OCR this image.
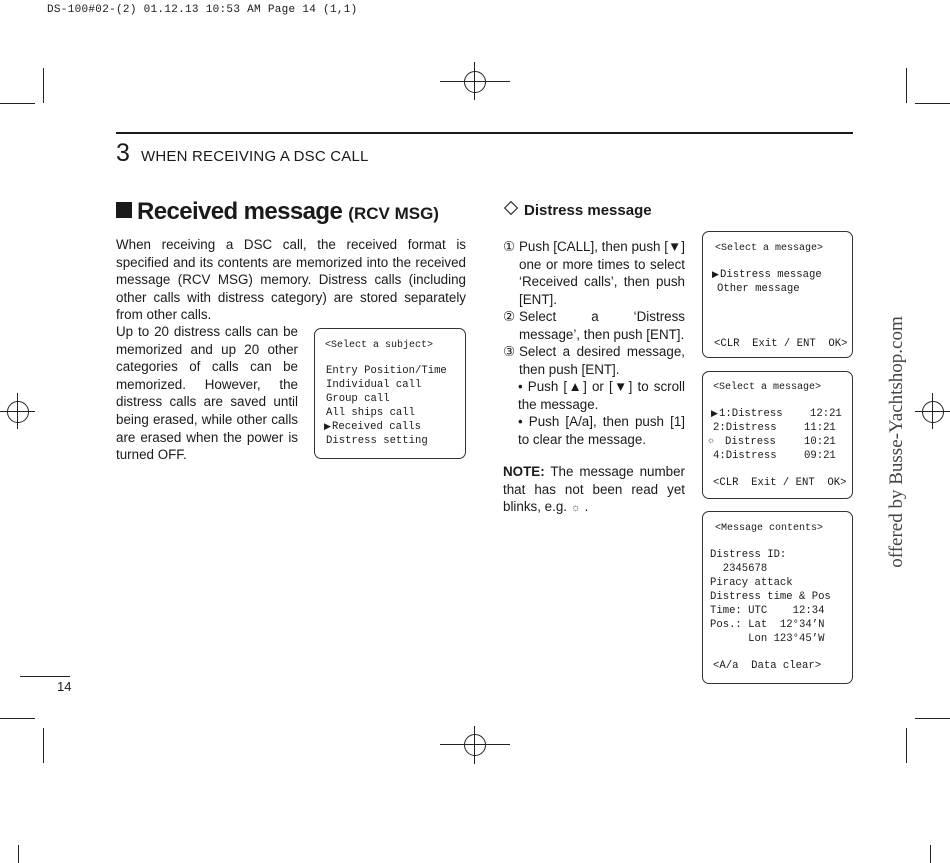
DS-100#02-(2) 01.12.13 10:53 AM Page 14 (1,1)
3 WHEN RECEIVING A DSC CALL
Received message (RCV MSG)
When receiving a DSC call, the received format is specified and its contents are memorized into the received message (RCV MSG) memory. Distress calls (including other calls with distress category) are stored separately from other calls.
Up to 20 distress calls can be memorized and up 20 other categories of calls can be memorized. However, the distress calls are saved until being erased, while other calls are erased when the power is turned OFF.
<Select a subject>
Entry Position/Time
Individual call
Group call
All ships call
▶ Received calls
Distress setting
Distress message
① Push [CALL], then push [▼] one or more times to select ‘Received calls’, then push [ENT].
② Select a ‘Distress message’, then push [ENT].
③ Select a desired message, then push [ENT].
• Push [▲] or [▼] to scroll the message.
• Push [A/a], then push [1] to clear the message.
NOTE: The message number that has not been read yet blinks, e.g. ☼ .
<Select a message>
▶ Distress message
Other message
<CLR  Exit / ENT  OK>
<Select a message>
▶ 1:Distress	12:21
2:Distress	11:21
☼ Distress	10:21
4:Distress	09:21
<CLR  Exit / ENT  OK>
<Message contents>
Distress ID:
2345678
Piracy attack
Distress time & Pos
Time: UTC    12:34
Pos.: Lat  12°34’N
Lon 123°45’W
<A/a  Data clear>
14
offered by Busse-Yachtshop.com
